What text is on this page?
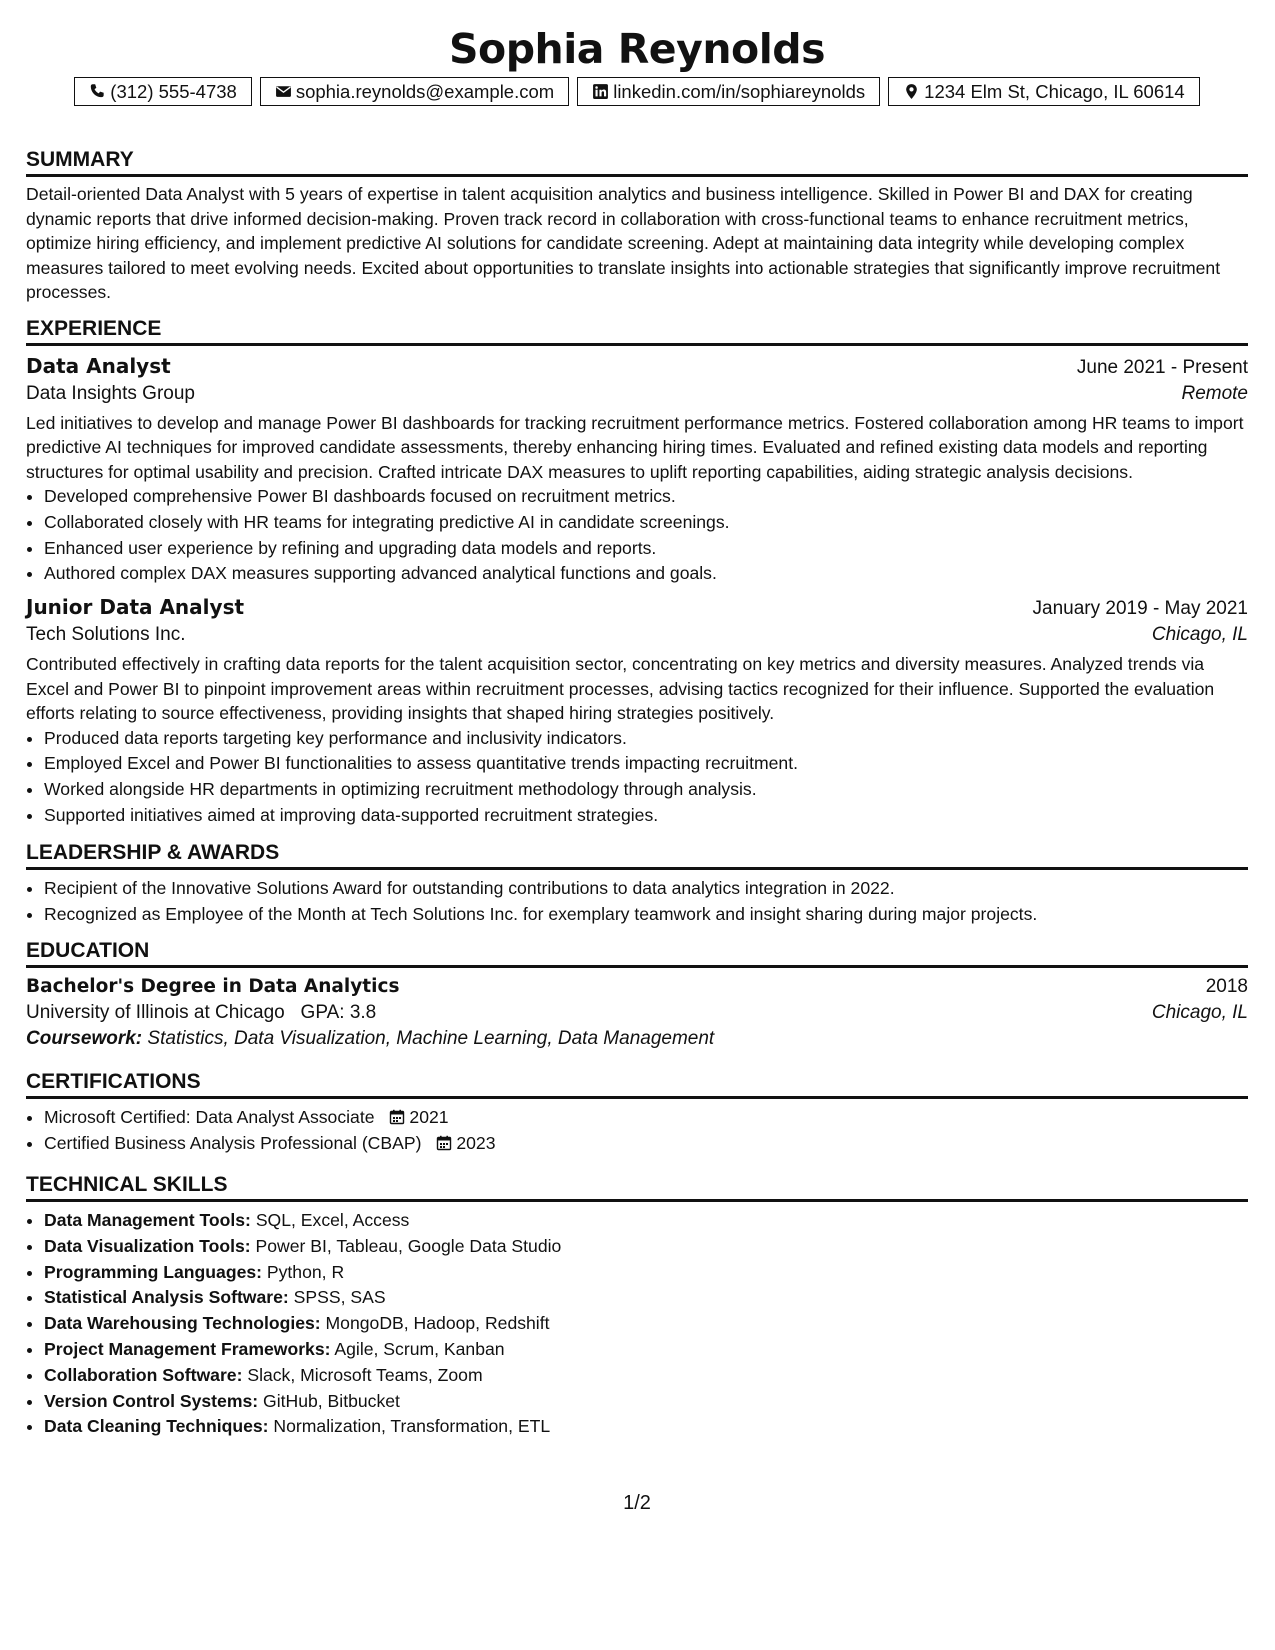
Sophia Reynolds
(312) 555-4738	sophia.reynolds@example.com	linkedin.com/in/sophiareynolds	1234 Elm St, Chicago, IL 60614
SUMMARY
Detail-oriented Data Analyst with 5 years of expertise in talent acquisition analytics and business intelligence. Skilled in Power BI and DAX for creating dynamic reports that drive informed decision-making. Proven track record in collaboration with cross-functional teams to enhance recruitment metrics, optimize hiring efficiency, and implement predictive AI solutions for candidate screening. Adept at maintaining data integrity while developing complex measures tailored to meet evolving needs. Excited about opportunities to translate insights into actionable strategies that significantly improve recruitment processes.
EXPERIENCE
Data Analyst	June 2021 - Present
Data Insights Group	Remote
Led initiatives to develop and manage Power BI dashboards for tracking recruitment performance metrics. Fostered collaboration among HR teams to import predictive AI techniques for improved candidate assessments, thereby enhancing hiring times. Evaluated and refined existing data models and reporting structures for optimal usability and precision. Crafted intricate DAX measures to uplift reporting capabilities, aiding strategic analysis decisions.
• Developed comprehensive Power BI dashboards focused on recruitment metrics.
• Collaborated closely with HR teams for integrating predictive AI in candidate screenings.
• Enhanced user experience by refining and upgrading data models and reports.
• Authored complex DAX measures supporting advanced analytical functions and goals.
Junior Data Analyst	January 2019 - May 2021
Tech Solutions Inc.	Chicago, IL
Contributed effectively in crafting data reports for the talent acquisition sector, concentrating on key metrics and diversity measures. Analyzed trends via Excel and Power BI to pinpoint improvement areas within recruitment processes, advising tactics recognized for their influence. Supported the evaluation efforts relating to source effectiveness, providing insights that shaped hiring strategies positively.
• Produced data reports targeting key performance and inclusivity indicators.
• Employed Excel and Power BI functionalities to assess quantitative trends impacting recruitment.
• Worked alongside HR departments in optimizing recruitment methodology through analysis.
• Supported initiatives aimed at improving data-supported recruitment strategies.
LEADERSHIP & AWARDS
• Recipient of the Innovative Solutions Award for outstanding contributions to data analytics integration in 2022.
• Recognized as Employee of the Month at Tech Solutions Inc. for exemplary teamwork and insight sharing during major projects.
EDUCATION
Bachelor's Degree in Data Analytics	2018
University of Illinois at Chicago   GPA: 3.8	Chicago, IL
Coursework: Statistics, Data Visualization, Machine Learning, Data Management
CERTIFICATIONS
• Microsoft Certified: Data Analyst Associate 2021
• Certified Business Analysis Professional (CBAP) 2023
TECHNICAL SKILLS
• Data Management Tools: SQL, Excel, Access
• Data Visualization Tools: Power BI, Tableau, Google Data Studio
• Programming Languages: Python, R
• Statistical Analysis Software: SPSS, SAS
• Data Warehousing Technologies: MongoDB, Hadoop, Redshift
• Project Management Frameworks: Agile, Scrum, Kanban
• Collaboration Software: Slack, Microsoft Teams, Zoom
• Version Control Systems: GitHub, Bitbucket
• Data Cleaning Techniques: Normalization, Transformation, ETL
1/2
